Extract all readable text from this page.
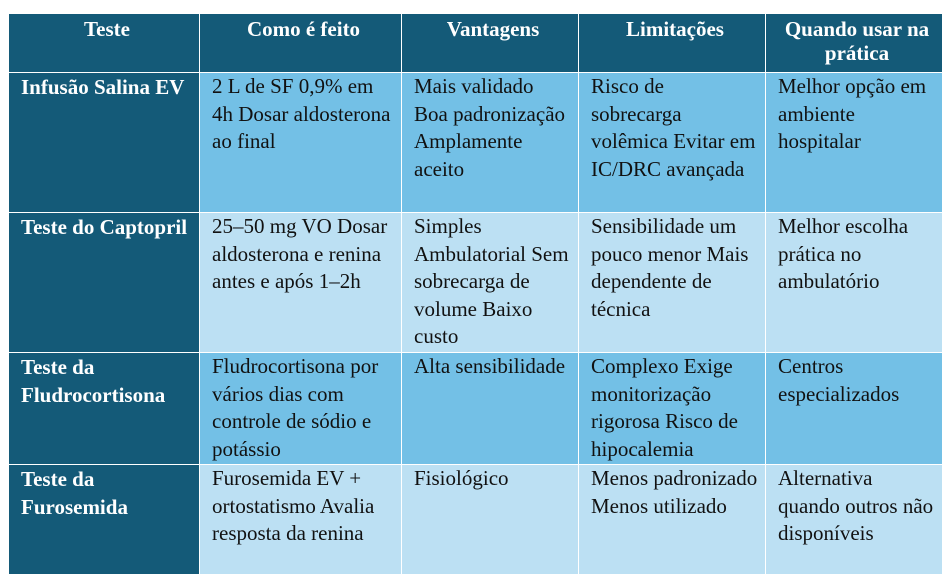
Teste	Como é feito	Vantagens	Limitações	Quando usar na prática
Infusão Salina EV	2 L de SF 0,9% em 4h Dosar aldosterona ao final	Mais validado Boa padronização Amplamente aceito	Risco de sobrecarga volêmica Evitar em IC/DRC avançada	Melhor opção em ambiente hospitalar
Teste do Captopril	25–50 mg VO Dosar aldosterona e renina antes e após 1–2h	Simples Ambulatorial Sem sobrecarga de volume Baixo custo	Sensibilidade um pouco menor Mais dependente de técnica	Melhor escolha prática no ambulatório
Teste da Fludrocortisona	Fludrocortisona por vários dias com controle de sódio e potássio	Alta sensibilidade	Complexo Exige monitorização rigorosa Risco de hipocalemia	Centros especializados
Teste da Furosemida	Furosemida EV + ortostatismo Avalia resposta da renina	Fisiológico	Menos padronizado Menos utilizado	Alternativa quando outros não disponíveis
